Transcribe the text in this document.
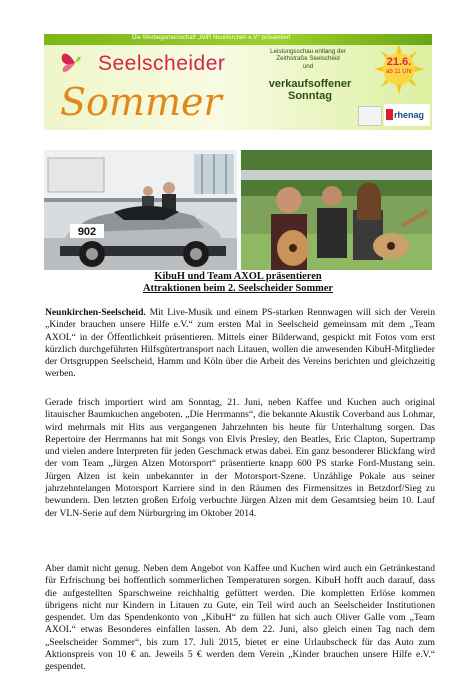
Die Werbegemeinschaft „WIR Neunkirchen e.V.“ präsentiert
Seelscheider
Sommer
Leistungsschau entlang der
Zeithstraße Seelscheid
und
verkaufsoffener
Sonntag
21.6.
ab 11 Uhr
rhenag
902
KibuH und Team AXOL präsentieren
Attraktionen beim 2. Seelscheider Sommer

Neunkirchen-Seelscheid. Mit Live-Musik und einem PS-starken Rennwagen will sich der Verein „Kinder brauchen unsere Hilfe e.V.“ zum ersten Mal in Seelscheid gemeinsam mit dem „Team AXOL“ in der Öffentlichkeit präsentieren. Mittels einer Bilderwand, gespickt mit Fotos vom erst kürzlich durchgeführten Hilfsgütertransport nach Litauen, wollen die anwesenden KibuH-Mitglieder der Ortsgruppen Seelscheid, Hamm und Köln über die Arbeit des Vereins berichten und gleichzeitig werben.

Gerade frisch importiert wird am Sonntag, 21. Juni, neben Kaffee und Kuchen auch original litauischer Baumkuchen angeboten. „Die Herrmanns“, die bekannte Akustik Coverband aus Lohmar, wird mehrmals mit Hits aus vergangenen Jahrzehnten bis heute für Unterhaltung sorgen. Das Repertoire der Herrmanns hat mit Songs von Elvis Presley, den Beatles, Eric Clapton, Supertramp und vielen andere Interpreten für jeden Geschmack etwas dabei. Ein ganz besonderer Blickfang wird der vom Team „Jürgen Alzen Motorsport“ präsentierte knapp 600 PS starke Ford-Mustang sein. Jürgen Alzen ist kein unbekannter in der Motorsport-Szene. Unzählige Pokale aus seiner jahrzehntelangen Motorsport Karriere sind in den Räumen des Firmensitzes in Betzdorf/Sieg zu bewundern. Den letzten großen Erfolg verbuchte Jürgen Alzen mit dem Gesamtsieg beim 10. Lauf der VLN-Serie auf dem Nürburgring im Oktober 2014.

Aber damit nicht genug. Neben dem Angebot von Kaffee und Kuchen wird auch ein Getränkestand für Erfrischung bei hoffentlich sommerlichen Temperaturen sorgen. KibuH hofft auch darauf, dass die aufgestellten Sparschweine reichhaltig gefüttert werden. Die kompletten Erlöse kommen übrigens nicht nur Kindern in Litauen zu Gute, ein Teil wird auch an Seelscheider Institutionen gespendet. Um das Spendenkonto von „KibuH“ zu füllen hat sich auch Oliver Galle vom „Team AXOL“ etwas Besonderes einfallen lassen. Ab dem 22. Juni, also gleich einen Tag nach dem „Seelscheider Sommer“, bis zum 17. Juli 2015, bietet er eine Urlaubscheck für das Auto zum Aktionspreis von 10 € an. Jeweils 5 € werden dem Verein „Kinder brauchen unsere Hilfe e.V.“ gespendet.
